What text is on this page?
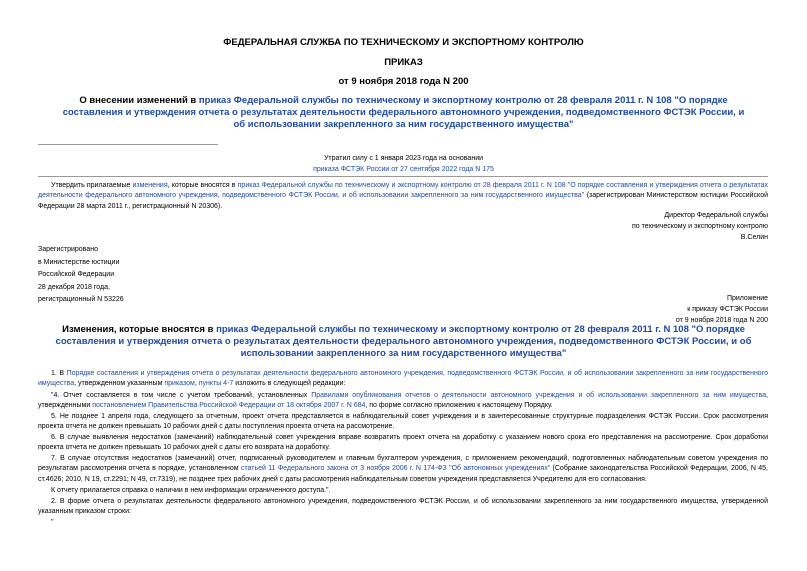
ФЕДЕРАЛЬНАЯ СЛУЖБА ПО ТЕХНИЧЕСКОМУ И ЭКСПОРТНОМУ КОНТРОЛЮ
ПРИКАЗ
от 9 ноября 2018 года N 200
О внесении изменений в приказ Федеральной службы по техническому и экспортному контролю от 28 февраля 2011 г. N 108 "О порядке составления и утверждения отчета о результатах деятельности федерального автономного учреждения, подведомственного ФСТЭК России, и об использовании закрепленного за ним государственного имущества"
Утратил силу с 1 января 2023 года на основании
приказа ФСТЭК России от 27 сентября 2022 года N 175
Утвердить прилагаемые изменения, которые вносятся в приказ Федеральной службы по техническому и экспортному контролю от 28 февраля 2011 г. N 108 "О порядке составления и утверждения отчета о результатах деятельности федерального автономного учреждения, подведомственного ФСТЭК России, и об использовании закрепленного за ним государственного имущества" (зарегистрирован Министерством юстиции Российской Федерации 28 марта 2011 г., регистрационный N 20306).
Директор Федеральной службы
по техническому и экспортному контролю
В.Селин
Зарегистрировано
в Министерстве юстиции
Российской Федерации
28 декабря 2018 года,
регистрационный N 53226	Приложение
к приказу ФСТЭК России
от 9 ноября 2018 года N 200
Изменения, которые вносятся в приказ Федеральной службы по техническому и экспортному контролю от 28 февраля 2011 г. N 108 "О порядке составления и утверждения отчета о результатах деятельности федерального автономного учреждения, подведомственного ФСТЭК России, и об использовании закрепленного за ним государственного имущества"
1. В Порядке составления и утверждения отчета о результатах деятельности федерального автономного учреждения, подведомственного ФСТЭК России, и об использовании закрепленного за ним государственного имущества, утвержденном указанным приказом, пункты 4-7 изложить в следующей редакции:
"4. Отчет составляется в том числе с учетом требований, установленных Правилами опубликования отчетов о деятельности автономного учреждения и об использовании закрепленного за ним имущества, утвержденными постановлением Правительства Российской Федерации от 18 октября 2007 г. N 684, по форме согласно приложению к настоящему Порядку.
5. Не позднее 1 апреля года, следующего за отчетным, проект отчета представляется в наблюдательный совет учреждения и в заинтересованные структурные подразделения ФСТЭК России. Срок рассмотрения проекта отчета не должен превышать 10 рабочих дней с даты поступления проекта отчета на рассмотрение.
6. В случае выявления недостатков (замечаний) наблюдательный совет учреждения вправе возвратить проект отчета на доработку с указанием нового срока его представления на рассмотрение. Срок доработки проекта отчета не должен превышать 10 рабочих дней с даты его возврата на доработку.
7. В случае отсутствия недостатков (замечаний) отчет, подписанный руководителем и главным бухгалтером учреждения, с приложением рекомендаций, подготовленных наблюдательным советом учреждения по результатам рассмотрения отчета в порядке, установленном статьей 11 Федерального закона от 3 ноября 2006 г. N 174-ФЗ "Об автономных учреждениях" (Собрание законодательства Российской Федерации, 2006, N 45, ст.4626; 2010, N 19, ст.2291; N 49, ст.7319), не позднее трех рабочих дней с даты рассмотрения наблюдательным советом учреждения представляется Учредителю для его согласования.
К отчету прилагается справка о наличии в нем информации ограниченного доступа.".
2. В форме отчета о результатах деятельности федерального автономного учреждения, подведомственного ФСТЭК России, и об использовании закрепленного за ним государственного имущества, утвержденной указанным приказом строки:
"
